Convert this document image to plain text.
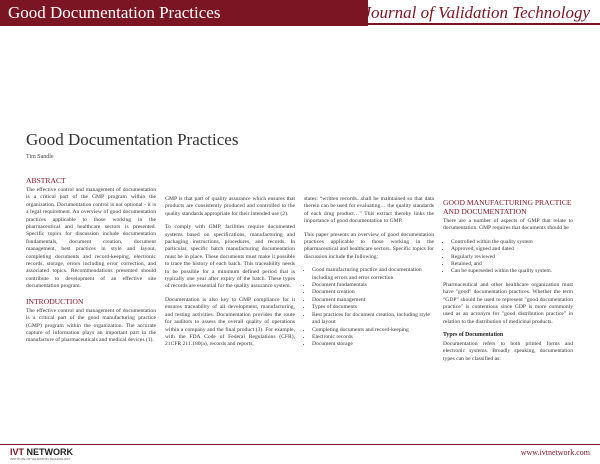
Good Documentation Practices	Journal of Validation Technology
Good Documentation Practices
Tim Sandle
ABSTRACT

The effective control and management of documentation is a critical part of the GMP program within the organization. Documentation control is not optional - it is a legal requirement. An overview of good documentation practices applicable to those working in the pharmaceutical and healthcare sectors is presented. Specific topics for discussion include documentation fundamentals, document creation, document management, best practices in style and layout, completing documents and record-keeping, electronic records, storage, errors including error correction, and associated topics. Recommendations presented should contribute to development of an effective site documentation program.

INTRODUCTION

The effective control and management of documentation is a critical part of the good manufacturing practice (GMP) program within the organization. The accurate capture of information plays an important part in the manufacture of pharmaceuticals and medical devices (1).

GMP is that part of quality assurance which ensures that products are consistently produced and controlled to the quality standards appropriate for their intended use (2).

To comply with GMP, facilities require documented systems based on specifications, manufacturing and packaging instructions, procedures, and records. In particular, specific batch manufacturing documentation must be in place. These documents must make it possible to trace the history of each batch. This traceability needs to be possible for a minimum defined period that is typically one year after expiry of the batch. These types of records are essential for the quality assurance system.

Documentation is also key to GMP compliance for it ensures traceability of all development, manufacturing, and testing activities. Documentation provides the route for auditors to assess the overall quality of operations within a company and the final product (3). For example, with the FDA Code of Federal Regulations (CFR), 21CFR 211.180(a), records and reports,

states: “written records...shall be maintained so that data therein can be used for evaluating… the quality standards of each drug product…” This extract thereby links the importance of good documentation to GMP.

This paper presents an overview of good documentation practices applicable to those working in the pharmaceutical and healthcare sectors. Specific topics for discussion include the following:

• Good manufacturing practice and documentation including errors and error correction
• Document fundamentals
• Document creation
• Document management
• Types of documents
• Best practices for document creation, including style and layout
• Completing documents and record-keeping
• Electronic records
• Document storage
GOOD MANUFACTURING PRACTICE AND DOCUMENTATION

There are a number of aspects of GMP that relate to documentation. GMP requires that documents should be

• Controlled within the quality system
• Approved, signed and dated
• Regularly reviewed
• Retained, and
• Can be superseded within the quality system.

Pharmaceutical and other healthcare organization must have "good" documentation practices. Whether the term "GDP" should be used to represent "good documentation practice" is contentious since GDP is more commonly used as an acronym for "good distribution practice" in relation to the distribution of medicinal products.

Types of Documentation

Documentation refers to both printed forms and electronic systems. Broadly speaking, documentation types can be classified as:

IVT NETWORK
INSTITUTE OF VALIDATION TECHNOLOGY
www.ivtnetwork.com
